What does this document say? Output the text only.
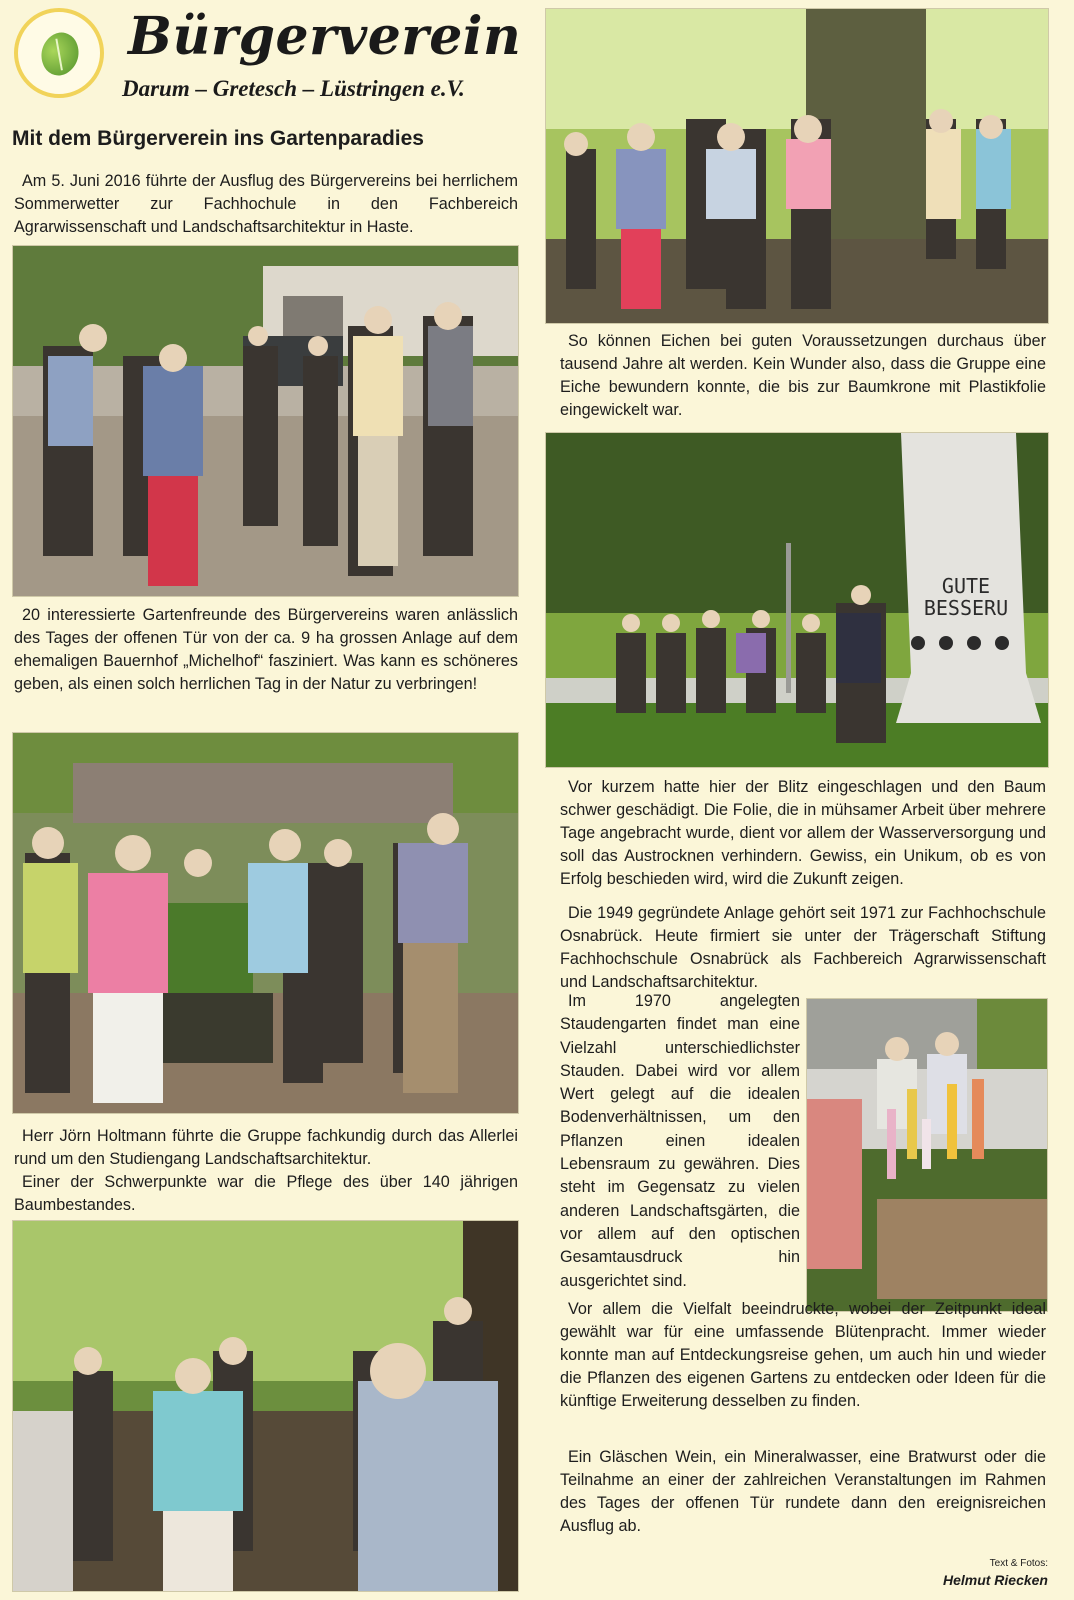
Bürgerverein
Darum – Gretesch – Lüstringen e.V.
Mit dem Bürgerverein ins Gartenparadies

Am 5. Juni 2016 führte der Ausflug des Bürgervereins bei herrlichem Sommerwetter zur Fachhochule in den Fachbereich Agrarwissenschaft und Landschaftsarchitektur in Haste.

20 interessierte Gartenfreunde des Bürgervereins waren anlässlich des Tages der offenen Tür von der ca. 9 ha grossen Anlage auf dem ehemaligen Bauernhof „Michelhof“ fasziniert. Was kann es schöneres geben, als einen solch herrlichen Tag in der Natur zu verbringen!

Herr Jörn Holtmann führte die Gruppe fachkundig durch das Allerlei rund um den Studiengang Landschaftsarchitektur.

Einer der Schwerpunkte war die Pflege des über 140 jährigen Baumbestandes.

So können Eichen bei guten Voraussetzungen durchaus über tausend Jahre alt werden. Kein Wunder also, dass die Gruppe eine Eiche bewundern konnte, die bis zur Baumkrone mit Plastikfolie eingewickelt war.

GUTE
BESSERU

Vor kurzem hatte hier der Blitz eingeschlagen und den Baum schwer geschädigt. Die Folie, die in mühsamer Arbeit über mehrere Tage angebracht wurde, dient vor allem der Wasserversorgung und soll das Austrocknen verhindern. Gewiss, ein Unikum, ob es von Erfolg beschieden wird, wird die Zukunft zeigen.

Die 1949 gegründete Anlage gehört seit 1971 zur Fachhochschule Osnabrück. Heute firmiert sie unter der Trägerschaft Stiftung Fachhochschule Osnabrück als Fachbereich Agrarwissenschaft und Landschaftsarchitektur.

Im 1970 angelegten Staudengarten findet man eine Vielzahl unterschiedlichster Stauden. Dabei wird vor allem Wert gelegt auf die idealen Bodenverhältnissen, um den Pflanzen einen idealen Lebensraum zu gewähren. Dies steht im Gegensatz zu vielen anderen Landschaftsgärten, die vor allem auf den optischen Gesamtausdruck hin ausgerichtet sind.

Vor allem die Vielfalt beeindruckte, wobei der Zeitpunkt ideal gewählt war für eine umfassende Blütenpracht. Immer wieder konnte man auf Entdeckungsreise gehen, um auch hin und wieder die Pflanzen des eigenen Gartens zu entdecken oder Ideen für die künftige Erweiterung desselben zu finden.

Ein Gläschen Wein, ein Mineralwasser, eine Bratwurst oder die Teilnahme an einer der zahlreichen Veranstaltungen im Rahmen des Tages der offenen Tür rundete dann den ereignisreichen Ausflug ab.

Text & Fotos:
Helmut Riecken
